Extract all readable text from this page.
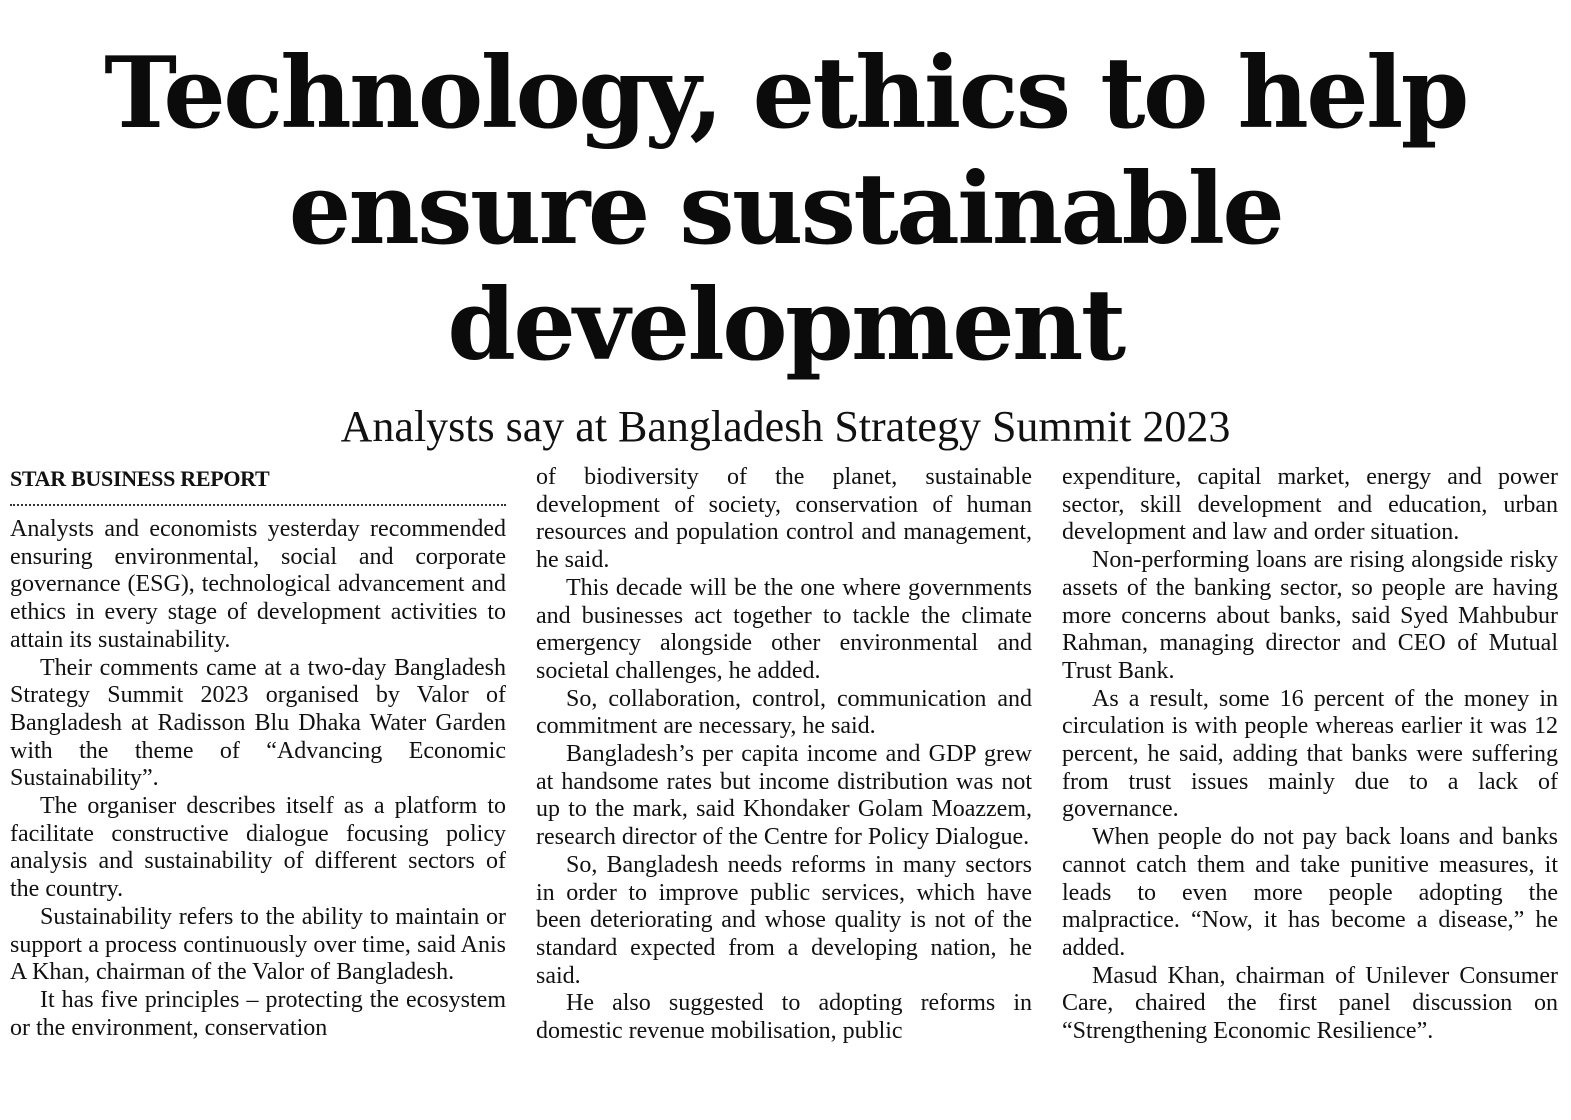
Technology, ethics to help ensure sustainable development
Analysts say at Bangladesh Strategy Summit 2023
STAR BUSINESS REPORT

Analysts and economists yesterday recommended ensuring environmental, social and corporate governance (ESG), technological advancement and ethics in every stage of development activities to attain its sustainability.

Their comments came at a two-day Bangladesh Strategy Summit 2023 organised by Valor of Bangladesh at Radisson Blu Dhaka Water Garden with the theme of “Advancing Economic Sustainability”.

The organiser describes itself as a platform to facilitate constructive dialogue focusing policy analysis and sustainability of different sectors of the country.

Sustainability refers to the ability to maintain or support a process continuously over time, said Anis A Khan, chairman of the Valor of Bangladesh.

It has five principles – protecting the ecosystem or the environment, conservation

of biodiversity of the planet, sustainable development of society, conservation of human resources and population control and management, he said.

This decade will be the one where governments and businesses act together to tackle the climate emergency alongside other environmental and societal challenges, he added.

So, collaboration, control, communication and commitment are necessary, he said.

Bangladesh’s per capita income and GDP grew at handsome rates but income distribution was not up to the mark, said Khondaker Golam Moazzem, research director of the Centre for Policy Dialogue.

So, Bangladesh needs reforms in many sectors in order to improve public services, which have been deteriorating and whose quality is not of the standard expected from a developing nation, he said.

He also suggested to adopting reforms in domestic revenue mobilisation, public

expenditure, capital market, energy and power sector, skill development and education, urban development and law and order situation.

Non-performing loans are rising alongside risky assets of the banking sector, so people are having more concerns about banks, said Syed Mahbubur Rahman, managing director and CEO of Mutual Trust Bank.

As a result, some 16 percent of the money in circulation is with people whereas earlier it was 12 percent, he said, adding that banks were suffering from trust issues mainly due to a lack of governance.

When people do not pay back loans and banks cannot catch them and take punitive measures, it leads to even more people adopting the malpractice. “Now, it has become a disease,” he added.

Masud Khan, chairman of Unilever Consumer Care, chaired the first panel discussion on “Strengthening Economic Resilience”.
